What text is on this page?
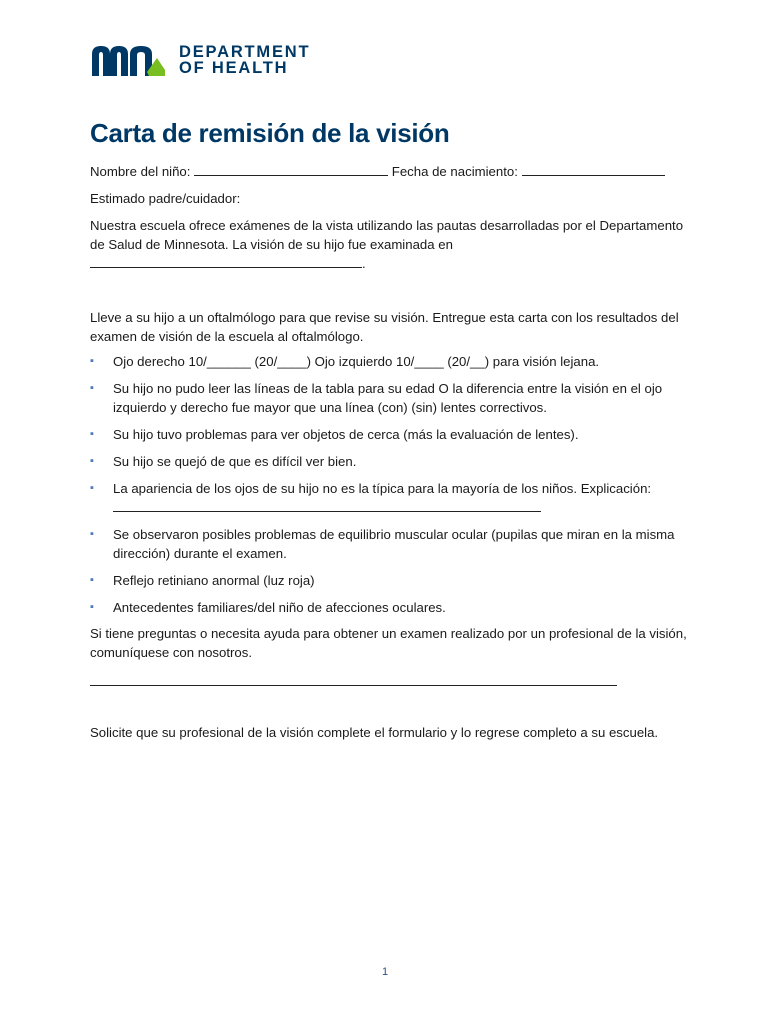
DEPARTMENT
OF HEALTH
Carta de remisión de la visión
Nombre del niño:	Fecha de nacimiento:
Estimado padre/cuidador:
Nuestra escuela ofrece exámenes de la vista utilizando las pautas desarrolladas por el Departamento de Salud de Minnesota. La visión de su hijo fue examinada en
.
Lleve a su hijo a un oftalmólogo para que revise su visión. Entregue esta carta con los resultados del examen de visión de la escuela al oftalmólogo.
▪ Ojo derecho 10/______ (20/____) Ojo izquierdo 10/____ (20/__) para visión lejana.
▪ Su hijo no pudo leer las líneas de la tabla para su edad O la diferencia entre la visión en el ojo izquierdo y derecho fue mayor que una línea (con) (sin) lentes correctivos.
▪ Su hijo tuvo problemas para ver objetos de cerca (más la evaluación de lentes).
▪ Su hijo se quejó de que es difícil ver bien.
▪ La apariencia de los ojos de su hijo no es la típica para la mayoría de los niños. Explicación:
▪ Se observaron posibles problemas de equilibrio muscular ocular (pupilas que miran en la misma dirección) durante el examen.
▪ Reflejo retiniano anormal (luz roja)
▪ Antecedentes familiares/del niño de afecciones oculares.
Si tiene preguntas o necesita ayuda para obtener un examen realizado por un profesional de la visión, comuníquese con nosotros.
Solicite que su profesional de la visión complete el formulario y lo regrese completo a su escuela.
1
